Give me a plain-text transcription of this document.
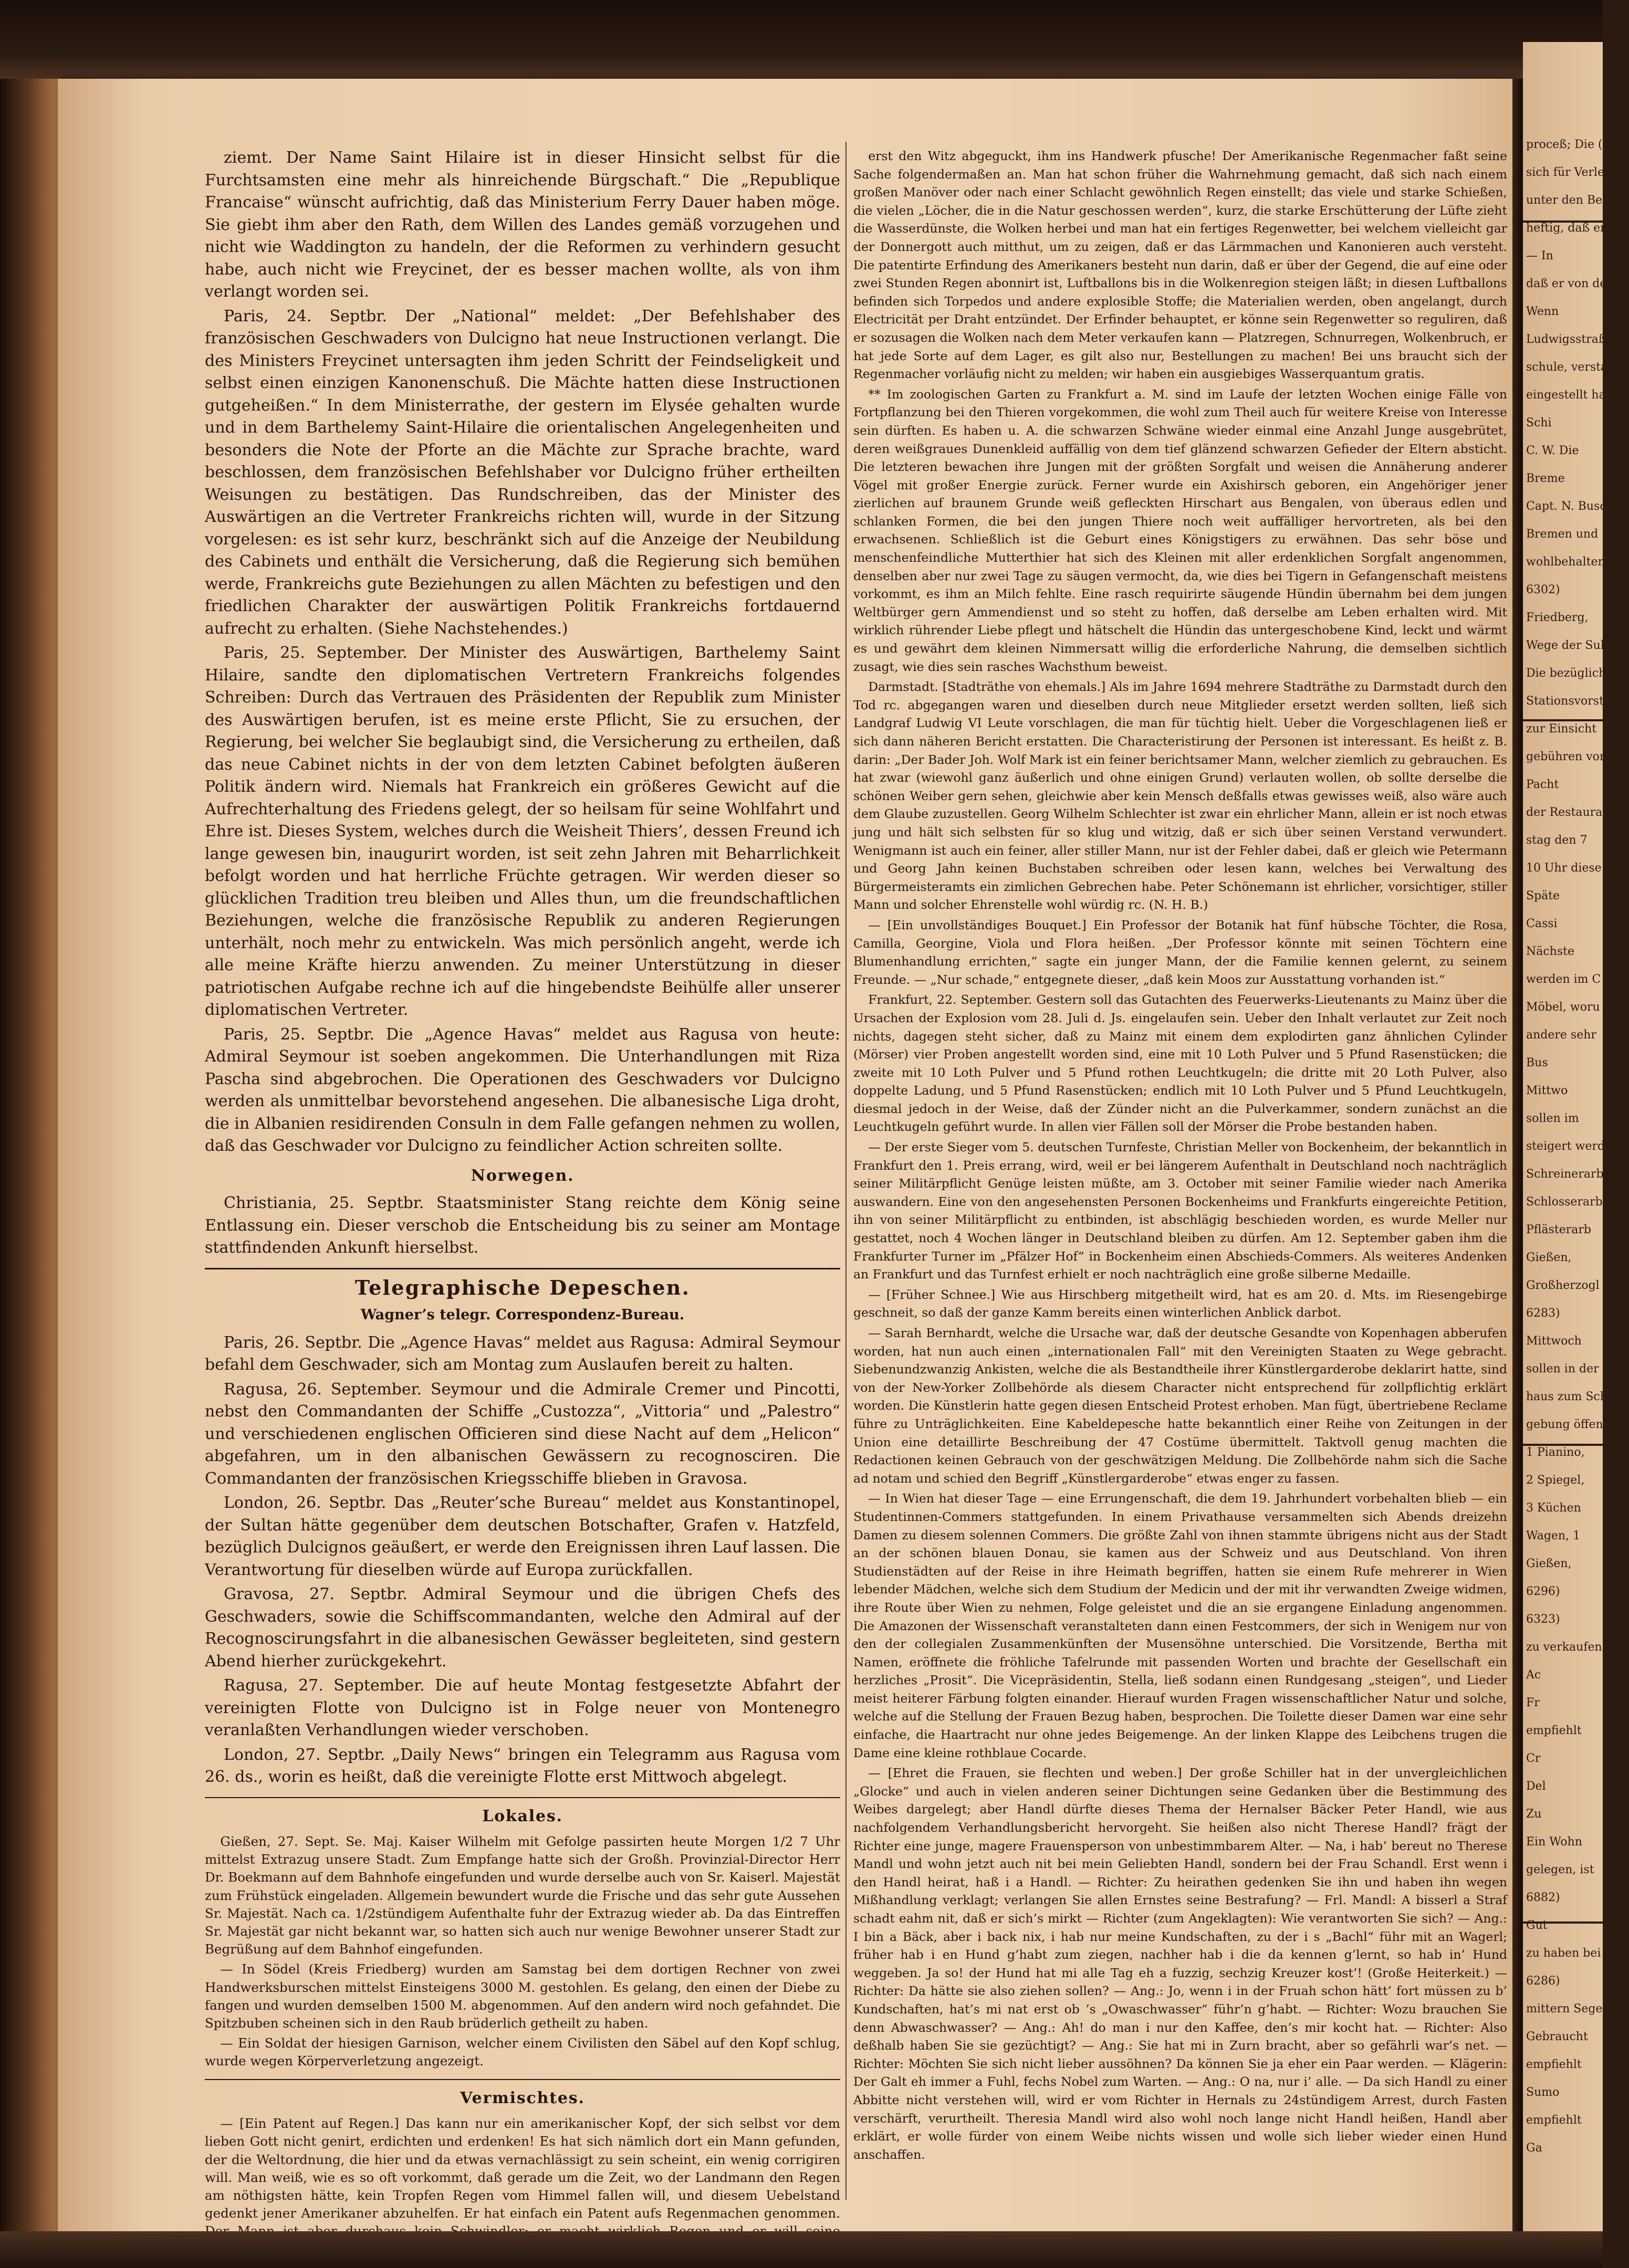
ziemt. Der Name Saint Hilaire ist in dieser Hinsicht selbst für die Furchtsamsten eine mehr als hinreichende Bürgschaft.“ Die „Republique Francaise“ wünscht aufrichtig, daß das Ministerium Ferry Dauer haben möge. Sie giebt ihm aber den Rath, dem Willen des Landes gemäß vorzugehen und nicht wie Waddington zu handeln, der die Reformen zu verhindern gesucht habe, auch nicht wie Freycinet, der es besser machen wollte, als von ihm verlangt worden sei.

Paris, 24. Septbr. Der „National“ meldet: „Der Befehlshaber des französischen Geschwaders von Dulcigno hat neue Instructionen verlangt. Die des Ministers Freycinet untersagten ihm jeden Schritt der Feindseligkeit und selbst einen einzigen Kanonenschuß. Die Mächte hatten diese Instructionen gutgeheißen.“ In dem Ministerrathe, der gestern im Elysée gehalten wurde und in dem Barthelemy Saint-Hilaire die orientalischen Angelegenheiten und besonders die Note der Pforte an die Mächte zur Sprache brachte, ward beschlossen, dem französischen Befehlshaber vor Dulcigno früher ertheilten Weisungen zu bestätigen. Das Rundschreiben, das der Minister des Auswärtigen an die Vertreter Frankreichs richten will, wurde in der Sitzung vorgelesen: es ist sehr kurz, beschränkt sich auf die Anzeige der Neubildung des Cabinets und enthält die Versicherung, daß die Regierung sich bemühen werde, Frankreichs gute Beziehungen zu allen Mächten zu befestigen und den friedlichen Charakter der auswärtigen Politik Frankreichs fortdauernd aufrecht zu erhalten. (Siehe Nachstehendes.)

Paris, 25. September. Der Minister des Auswärtigen, Barthelemy Saint Hilaire, sandte den diplomatischen Vertretern Frankreichs folgendes Schreiben: Durch das Vertrauen des Präsidenten der Republik zum Minister des Auswärtigen berufen, ist es meine erste Pflicht, Sie zu ersuchen, der Regierung, bei welcher Sie beglaubigt sind, die Versicherung zu ertheilen, daß das neue Cabinet nichts in der von dem letzten Cabinet befolgten äußeren Politik ändern wird. Niemals hat Frankreich ein größeres Gewicht auf die Aufrechterhaltung des Friedens gelegt, der so heilsam für seine Wohlfahrt und Ehre ist. Dieses System, welches durch die Weisheit Thiers’, dessen Freund ich lange gewesen bin, inaugurirt worden, ist seit zehn Jahren mit Beharrlichkeit befolgt worden und hat herrliche Früchte getragen. Wir werden dieser so glücklichen Tradition treu bleiben und Alles thun, um die freundschaftlichen Beziehungen, welche die französische Republik zu anderen Regierungen unterhält, noch mehr zu entwickeln. Was mich persönlich angeht, werde ich alle meine Kräfte hierzu anwenden. Zu meiner Unterstützung in dieser patriotischen Aufgabe rechne ich auf die hingebendste Beihülfe aller unserer diplomatischen Vertreter.

Paris, 25. Septbr. Die „Agence Havas“ meldet aus Ragusa von heute: Admiral Seymour ist soeben angekommen. Die Unterhandlungen mit Riza Pascha sind abgebrochen. Die Operationen des Geschwaders vor Dulcigno werden als unmittelbar bevorstehend angesehen. Die albanesische Liga droht, die in Albanien residirenden Consuln in dem Falle gefangen nehmen zu wollen, daß das Geschwader vor Dulcigno zu feindlicher Action schreiten sollte.

Norwegen.

Christiania, 25. Septbr. Staatsminister Stang reichte dem König seine Entlassung ein. Dieser verschob die Entscheidung bis zu seiner am Montage stattfindenden Ankunft hierselbst.

Telegraphische Depeschen.
Wagner’s telegr. Correspondenz-Bureau.

Paris, 26. Septbr. Die „Agence Havas“ meldet aus Ragusa: Admiral Seymour befahl dem Geschwader, sich am Montag zum Auslaufen bereit zu halten.

Ragusa, 26. September. Seymour und die Admirale Cremer und Pincotti, nebst den Commandanten der Schiffe „Custozza“, „Vittoria“ und „Palestro“ und verschiedenen englischen Officieren sind diese Nacht auf dem „Helicon“ abgefahren, um in den albanischen Gewässern zu recognosciren. Die Commandanten der französischen Kriegsschiffe blieben in Gravosa.

London, 26. Septbr. Das „Reuter’sche Bureau“ meldet aus Konstantinopel, der Sultan hätte gegenüber dem deutschen Botschafter, Grafen v. Hatzfeld, bezüglich Dulcignos geäußert, er werde den Ereignissen ihren Lauf lassen. Die Verantwortung für dieselben würde auf Europa zurückfallen.

Gravosa, 27. Septbr. Admiral Seymour und die übrigen Chefs des Geschwaders, sowie die Schiffscommandanten, welche den Admiral auf der Recognoscirungsfahrt in die albanesischen Gewässer begleiteten, sind gestern Abend hierher zurückgekehrt.

Ragusa, 27. September. Die auf heute Montag festgesetzte Abfahrt der vereinigten Flotte von Dulcigno ist in Folge neuer von Montenegro veranlaßten Verhandlungen wieder verschoben.

London, 27. Septbr. „Daily News“ bringen ein Telegramm aus Ragusa vom 26. ds., worin es heißt, daß die vereinigte Flotte erst Mittwoch abgelegt.

Lokales.

Gießen, 27. Sept. Se. Maj. Kaiser Wilhelm mit Gefolge passirten heute Morgen 1/2 7 Uhr mittelst Extrazug unsere Stadt. Zum Empfange hatte sich der Großh. Provinzial-Director Herr Dr. Boekmann auf dem Bahnhofe eingefunden und wurde derselbe auch von Sr. Kaiserl. Majestät zum Frühstück eingeladen. Allgemein bewundert wurde die Frische und das sehr gute Aussehen Sr. Majestät. Nach ca. 1/2stündigem Aufenthalte fuhr der Extrazug wieder ab. Da das Eintreffen Sr. Majestät gar nicht bekannt war, so hatten sich auch nur wenige Bewohner unserer Stadt zur Begrüßung auf dem Bahnhof eingefunden.

— In Södel (Kreis Friedberg) wurden am Samstag bei dem dortigen Rechner von zwei Handwerksburschen mittelst Einsteigens 3000 M. gestohlen. Es gelang, den einen der Diebe zu fangen und wurden demselben 1500 M. abgenommen. Auf den andern wird noch gefahndet. Die Spitzbuben scheinen sich in den Raub brüderlich getheilt zu haben.

— Ein Soldat der hiesigen Garnison, welcher einem Civilisten den Säbel auf den Kopf schlug, wurde wegen Körperverletzung angezeigt.

Vermischtes.

— [Ein Patent auf Regen.] Das kann nur ein amerikanischer Kopf, der sich selbst vor dem lieben Gott nicht genirt, erdichten und erdenken! Es hat sich nämlich dort ein Mann gefunden, der die Weltordnung, die hier und da etwas vernachlässigt zu sein scheint, ein wenig corrigiren will. Man weiß, wie es so oft vorkommt, daß gerade um die Zeit, wo der Landmann den Regen am nöthigsten hätte, kein Tropfen Regen vom Himmel fallen will, und diesem Uebelstand gedenkt jener Amerikaner abzuhelfen. Er hat einfach ein Patent aufs Regenmachen genommen.

erst den Witz abgeguckt, ihm ins Handwerk pfusche! Der Amerikanische Regenmacher faßt seine Sache folgendermaßen an. Man hat schon früher die Wahrnehmung gemacht, daß sich nach einem großen Manöver oder nach einer Schlacht gewöhnlich Regen einstellt; das viele und starke Schießen, die vielen „Löcher, die in die Natur geschossen werden“, kurz, die starke Erschütterung der Lüfte zieht die Wasserdünste, die Wolken herbei und man hat ein fertiges Regenwetter, bei welchem vielleicht gar der Donnergott auch mitthut, um zu zeigen, daß er das Lärmmachen und Kanonieren auch versteht. Die patentirte Erfindung des Amerikaners besteht nun darin, daß er über der Gegend, die auf eine oder zwei Stunden Regen abonnirt ist, Luftballons bis in die Wolkenregion steigen läßt; in diesen Luftballons befinden sich Torpedos und andere explosible Stoffe; die Materialien werden, oben angelangt, durch Electricität per Draht entzündet. Der Erfinder behauptet, er könne sein Regenwetter so reguliren, daß er sozusagen die Wolken nach dem Meter verkaufen kann — Platzregen, Schnurregen, Wolkenbruch, er hat jede Sorte auf dem Lager, es gilt also nur, Bestellungen zu machen! Bei uns braucht sich der Regenmacher vorläufig nicht zu melden; wir haben ein ausgiebiges Wasserquantum gratis.

** Im zoologischen Garten zu Frankfurt a. M. sind im Laufe der letzten Wochen einige Fälle von Fortpflanzung bei den Thieren vorgekommen, die wohl zum Theil auch für weitere Kreise von Interesse sein dürften. Es haben u. A. die schwarzen Schwäne wieder einmal eine Anzahl Junge ausgebrütet, deren weißgraues Dunenkleid auffällig von dem tief glänzend schwarzen Gefieder der Eltern absticht. Die letzteren bewachen ihre Jungen mit der größten Sorgfalt und weisen die Annäherung anderer Vögel mit großer Energie zurück. Ferner wurde ein Axishirsch geboren, ein Angehöriger jener zierlichen auf braunem Grunde weiß gefleckten Hirschart aus Bengalen, von überaus edlen und schlanken Formen, die bei den jungen Thiere noch weit auffälliger hervortreten, als bei den erwachsenen. Schließlich ist die Geburt eines Königstigers zu erwähnen. Das sehr böse und menschenfeindliche Mutterthier hat sich des Kleinen mit aller erdenklichen Sorgfalt angenommen, denselben aber nur zwei Tage zu säugen vermocht, da, wie dies bei Tigern in Gefangenschaft meistens vorkommt, es ihm an Milch fehlte. Eine rasch requirirte säugende Hündin übernahm bei dem jungen Weltbürger gern Ammendienst und so steht zu hoffen, daß derselbe am Leben erhalten wird. Mit wirklich rührender Liebe pflegt und hätschelt die Hündin das untergeschobene Kind, leckt und wärmt es und gewährt dem kleinen Nimmersatt willig die erforderliche Nahrung, die demselben sichtlich zusagt, wie dies sein rasches Wachsthum beweist.

Darmstadt. [Stadträthe von ehemals.] Als im Jahre 1694 mehrere Stadträthe zu Darmstadt durch den Tod rc. abgegangen waren und dieselben durch neue Mitglieder ersetzt werden sollten, ließ sich Landgraf Ludwig VI Leute vorschlagen, die man für tüchtig hielt. Ueber die Vorgeschlagenen ließ er sich dann näheren Bericht erstatten. Die Characteristirung der Personen ist interessant. Es heißt z. B. darin: „Der Bader Joh. Wolf Mark ist ein feiner berichtsamer Mann, welcher ziemlich zu gebrauchen. Es hat zwar (wiewohl ganz äußerlich und ohne einigen Grund) verlauten wollen, ob sollte derselbe die schönen Weiber gern sehen, gleichwie aber kein Mensch deßfalls etwas gewisses weiß, also wäre auch dem Glaube zuzustellen. Georg Wilhelm Schlechter ist zwar ein ehrlicher Mann, allein er ist noch etwas jung und hält sich selbsten für so klug und witzig, daß er sich über seinen Verstand verwundert. Wenigmann ist auch ein feiner, aller stiller Mann, nur ist der Fehler dabei, daß er gleich wie Petermann und Georg Jahn keinen Buchstaben schreiben oder lesen kann, welches bei Verwaltung des Bürgermeisteramts ein zimlichen Gebrechen habe. Peter Schönemann ist ehrlicher, vorsichtiger, stiller Mann und solcher Ehrenstelle wohl würdig rc. (N. H. B.)

— [Ein unvollständiges Bouquet.] Ein Professor der Botanik hat fünf hübsche Töchter, die Rosa, Camilla, Georgine, Viola und Flora heißen. „Der Professor könnte mit seinen Töchtern eine Blumenhandlung errichten,“ sagte ein junger Mann, der die Familie kennen gelernt, zu seinem Freunde. — „Nur schade,“ entgegnete dieser, „daß kein Moos zur Ausstattung vorhanden ist.“

Frankfurt, 22. September. Gestern soll das Gutachten des Feuerwerks-Lieutenants zu Mainz über die Ursachen der Explosion vom 28. Juli d. Js. eingelaufen sein. Ueber den Inhalt verlautet zur Zeit noch nichts, dagegen steht sicher, daß zu Mainz mit einem dem explodirten ganz ähnlichen Cylinder (Mörser) vier Proben angestellt worden sind, eine mit 10 Loth Pulver und 5 Pfund Rasenstücken; die zweite mit 10 Loth Pulver und 5 Pfund rothen Leuchtkugeln; die dritte mit 20 Loth Pulver, also doppelte Ladung, und 5 Pfund Rasenstücken; endlich mit 10 Loth Pulver und 5 Pfund Leuchtkugeln, diesmal jedoch in der Weise, daß der Zünder nicht an die Pulverkammer, sondern zunächst an die Leuchtkugeln geführt wurde. In allen vier Fällen soll der Mörser die Probe bestanden haben.

— Der erste Sieger vom 5. deutschen Turnfeste, Christian Meller von Bockenheim, der bekanntlich in Frankfurt den 1. Preis errang, wird, weil er bei längerem Aufenthalt in Deutschland noch nachträglich seiner Militärpflicht Genüge leisten müßte, am 3. October mit seiner Familie wieder nach Amerika auswandern. Eine von den angesehensten Personen Bockenheims und Frankfurts eingereichte Petition, ihn von seiner Militärpflicht zu entbinden, ist abschlägig beschieden worden, es wurde Meller nur gestattet, noch 4 Wochen länger in Deutschland bleiben zu dürfen. Am 12. September gaben ihm die Frankfurter Turner im „Pfälzer Hof“ in Bockenheim einen Abschieds-Commers. Als weiteres Andenken an Frankfurt und das Turnfest erhielt er noch nachträglich eine große silberne Medaille.

— [Früher Schnee.] Wie aus Hirschberg mitgetheilt wird, hat es am 20. d. Mts. im Riesengebirge geschneit, so daß der ganze Kamm bereits einen winterlichen Anblick darbot.

— Sarah Bernhardt, welche die Ursache war, daß der deutsche Gesandte von Kopenhagen abberufen worden, hat nun auch einen „internationalen Fall“ mit den Vereinigten Staaten zu Wege gebracht. Siebenundzwanzig Ankisten, welche die als Bestandtheile ihrer Künstlergarderobe deklarirt hatte, sind von der New-Yorker Zollbehörde als diesem Character nicht entsprechend für zollpflichtig erklärt worden. Die Künstlerin hatte gegen diesen Entscheid Protest erhoben. Man fügt, übertriebene Reclame führe zu Unträglichkeiten. Eine Kabeldepesche hatte bekanntlich einer Reihe von Zeitungen in der Union eine detaillirte Beschreibung der 47 Costüme übermittelt. Taktvoll genug machten die Redactionen keinen Gebrauch von der geschwätzigen Meldung. Die Zollbehörde nahm sich die Sache ad notam und schied den Begriff „Künstlergarderobe“ etwas enger zu fassen.

— In Wien hat dieser Tage — eine Errungenschaft, die dem 19. Jahrhundert vorbehalten blieb — ein Studentinnen-Commers stattgefunden. In einem Privathause versammelten sich Abends dreizehn Damen zu diesem solennen Commers. Die größte Zahl von ihnen stammte übrigens nicht aus der Stadt an der schönen blauen Donau, sie kamen aus der Schweiz und aus Deutschland. Von ihren Studienstädten auf der Reise in ihre Heimath begriffen, hatten sie einem Rufe mehrerer in Wien lebender Mädchen, welche sich dem Studium der Medicin und der mit ihr verwandten Zweige widmen, ihre Route über Wien zu nehmen, Folge geleistet und die an sie ergangene Einladung angenommen. Die Amazonen der Wissenschaft veranstalteten dann einen Festcommers, der sich in Wenigem nur von den der collegialen Zusammenkünften der Musensöhne unterschied. Die Vorsitzende, Bertha mit Namen, eröffnete die fröhliche Tafelrunde mit passenden Worten und brachte der Gesellschaft ein herzliches „Prosit“. Die Vicepräsidentin, Stella, ließ sodann einen Rundgesang „steigen“, und Lieder meist heiterer Färbung folgten einander. Hierauf wurden Fragen wissenschaftlicher Natur und solche, welche auf die Stellung der Frauen Bezug haben, besprochen. Die Toilette dieser Damen war eine sehr einfache, die Haartracht nur ohne jedes Beigemenge. An der linken Klappe des Leibchens trugen die Dame eine kleine rothblaue Cocarde.

— [Ehret die Frauen, sie flechten und weben.] Der große Schiller hat in der unvergleichlichen „Glocke“ und auch in vielen anderen seiner Dichtungen seine Gedanken über die Bestimmung des Weibes dargelegt; aber Handl dürfte dieses Thema der Hernalser Bäcker Peter Handl, wie aus nachfolgendem Verhandlungsbericht hervorgeht. Sie heißen also nicht Therese Handl? frägt der Richter eine junge, magere Frauensperson von unbestimmbarem Alter. — Na, i hab’ bereut no Therese Mandl und wohn jetzt auch nit bei mein Geliebten Handl, sondern bei der Frau Schandl. Erst wenn i den Handl heirat, haß i a Handl. — Richter: Zu heirathen gedenken Sie ihn und haben ihn wegen Mißhandlung verklagt; verlangen Sie allen Ernstes seine Bestrafung? — Frl. Mandl: A bisserl a Straf schadt eahm nit, daß er sich’s mirkt — Richter (zum Angeklagten): Wie verantworten Sie sich? — Ang.: I bin a Bäck, aber i back nix, i hab nur meine Kundschaften, zu der i s „Bachl“ führ mit an Wagerl; früher hab i en Hund g’habt zum ziegen, nachher hab i die da kennen g’lernt, so hab in’ Hund weggeben. Ja so! der Hund hat mi alle Tag eh a fuzzig, sechzig Kreuzer kost’! (Große Heiterkeit.) — Richter: Da hätte sie also ziehen sollen? — Ang.: Jo, wenn i in der Fruah schon hätt’ fort müssen zu b’ Kundschaften, hat’s mi nat erst ob ’s „Owaschwasser“ führ’n g’habt. — Richter: Wozu brauchen Sie denn Abwaschwasser? — Ang.: Ah! do man i nur den Kaffee, den’s mir kocht hat. — Richter: Also deßhalb haben Sie sie gezüchtigt? — Ang.: Sie hat mi in Zurn bracht, aber so gefährli war’s net. — Richter: Möchten Sie sich nicht lieber aussöhnen? Da können Sie ja eher ein Paar werden. — Klägerin: Der Galt eh immer a Fuhl, fechs Nobel zum Warten. — Ang.: O na, nur i’ alle. — Da sich Handl zu einer Abbitte nicht verstehen will, wird er vom Richter in Hernals zu 24stündigem Arrest, durch Fasten verschärft, verurtheilt. Theresia Mandl wird also wohl noch lange nicht Handl heißen, Handl aber erklärt, er wolle fürder von einem Weibe nichts wissen und wolle sich lieber wieder einen Hund anschaffen.

proceß; Die („Gi
sich für Verleih
unter den Bestim
heftig, daß er fa
— In
daß er von der
Wenn
Ludwigsstraße
schule, verstarb
eingestellt habe
Schi
C. W. Die
Breme
Capt. N. Busch
Bremen und
wohlbehalten
6302)
Friedberg,
Wege der Sub
Die bezüglich
Stationsvorsteh
zur Einsicht
gebühren vor
Pacht
der Restaurat
stag den 7
10 Uhr diese
Späte
Cassi
Nächste
werden im C
Möbel, woru
andere sehr
Bus
Mittwo
sollen im
steigert werden
Schreinerarb
Schlosserarb
Pflästerarb
Gießen,
Großherzogl
6283)
Mittwoch
sollen in der
haus zum Sch
gebung öffentlich
1 Pianino,
2 Spiegel,
3 Küchen
Wagen, 1
Gießen,
6296)
6323)
zu verkaufen
Ac
Fr
empfiehlt
Cr
Del
Zu
Ein Wohn
gelegen, ist
6882)
Gut
zu haben bei
6286)
mittern Segel
Gebraucht
empfiehlt
Sumo
empfiehlt
Ga
